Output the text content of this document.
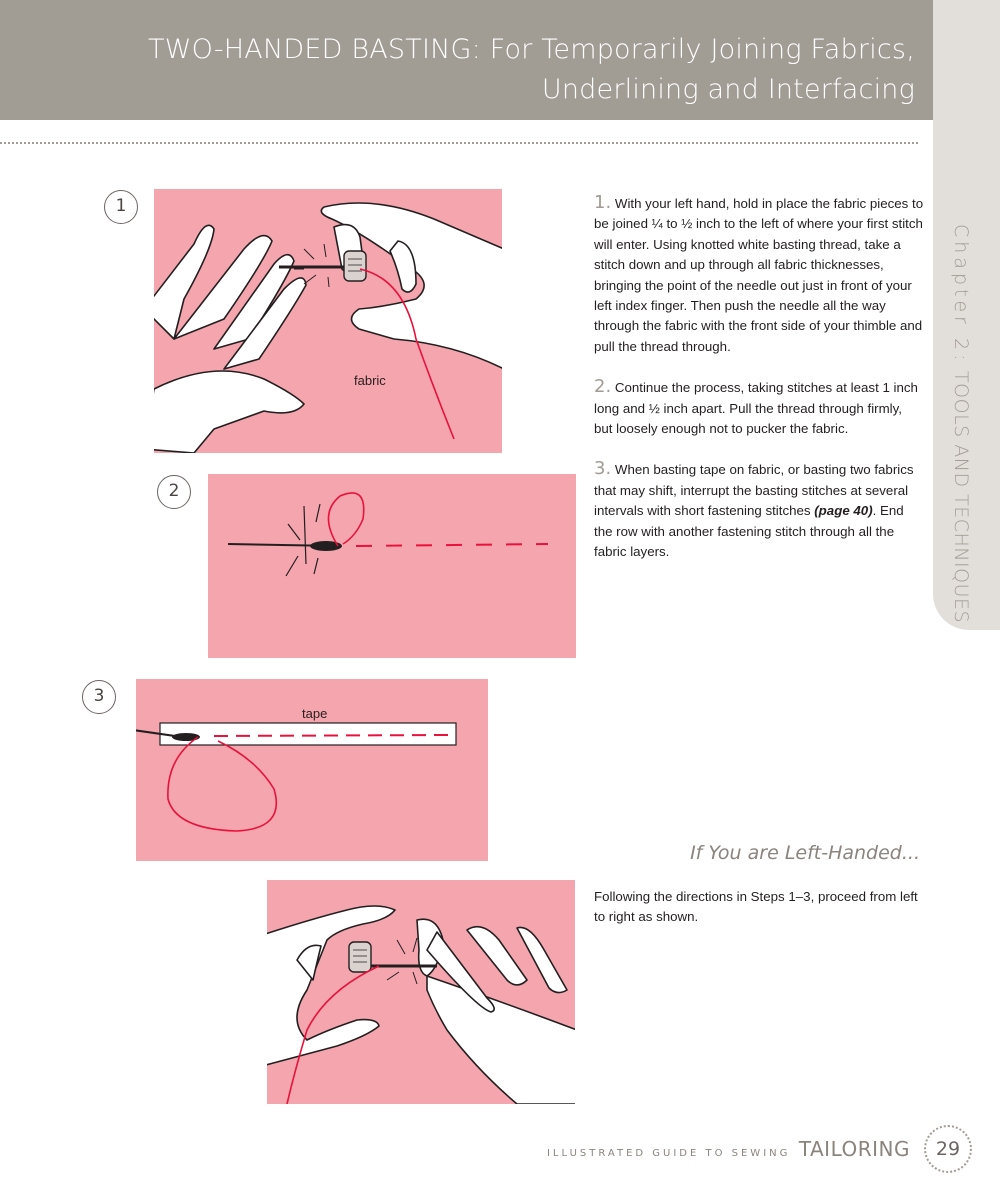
TWO-HANDED BASTING: For Temporarily Joining Fabrics, Underlining and Interfacing
Chapter 2: TOOLS AND TECHNIQUES
1
fabric
2
3
tape

1. With your left hand, hold in place the fabric pieces to be joined ¼ to ½ inch to the left of where your first stitch will enter. Using knotted white basting thread, take a stitch down and up through all fabric thicknesses, bringing the point of the needle out just in front of your left index finger. Then push the needle all the way through the fabric with the front side of your thimble and pull the thread through.

2. Continue the process, taking stitches at least 1 inch long and ½ inch apart. Pull the thread through firmly, but loosely enough not to pucker the fabric.

3. When basting tape on fabric, or basting two fabrics that may shift, interrupt the basting stitches at several intervals with short fastening stitches (page 40). End the row with another fastening stitch through all the fabric layers.

If You are Left-Handed...
Following the directions in Steps 1–3, proceed from left to right as shown.
ILLUSTRATED GUIDE TO SEWING TAILORING	29
